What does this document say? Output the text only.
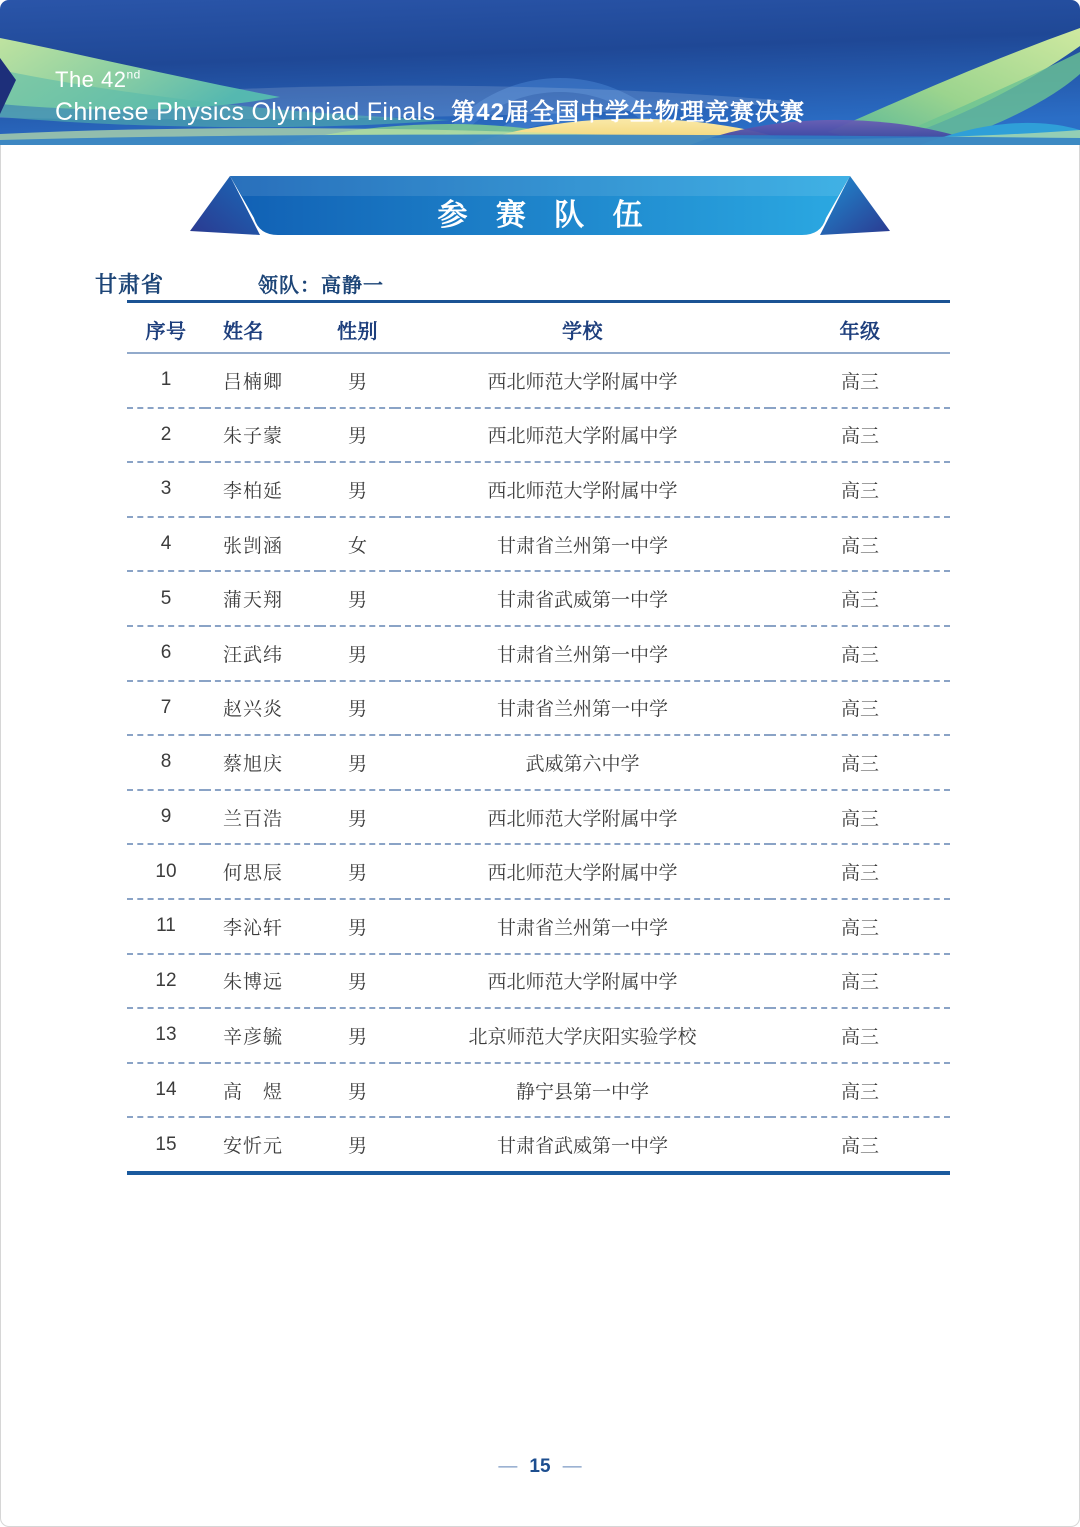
The 42nd
Chinese Physics Olympiad Finals 第42届全国中学生物理竞赛决赛
参 赛 队 伍
甘肃省	领队：高静一
序号	姓名	性别	学校	年级
1	吕楠卿	男	西北师范大学附属中学	高三
2	朱子蒙	男	西北师范大学附属中学	高三
3	李柏延	男	西北师范大学附属中学	高三
4	张剀涵	女	甘肃省兰州第一中学	高三
5	蒲天翔	男	甘肃省武威第一中学	高三
6	汪武纬	男	甘肃省兰州第一中学	高三
7	赵兴炎	男	甘肃省兰州第一中学	高三
8	蔡旭庆	男	武威第六中学	高三
9	兰百浩	男	西北师范大学附属中学	高三
10	何思辰	男	西北师范大学附属中学	高三
11	李沁轩	男	甘肃省兰州第一中学	高三
12	朱博远	男	西北师范大学附属中学	高三
13	辛彦毓	男	北京师范大学庆阳实验学校	高三
14	高　煜	男	静宁县第一中学	高三
15	安忻元	男	甘肃省武威第一中学	高三
— 15 —
